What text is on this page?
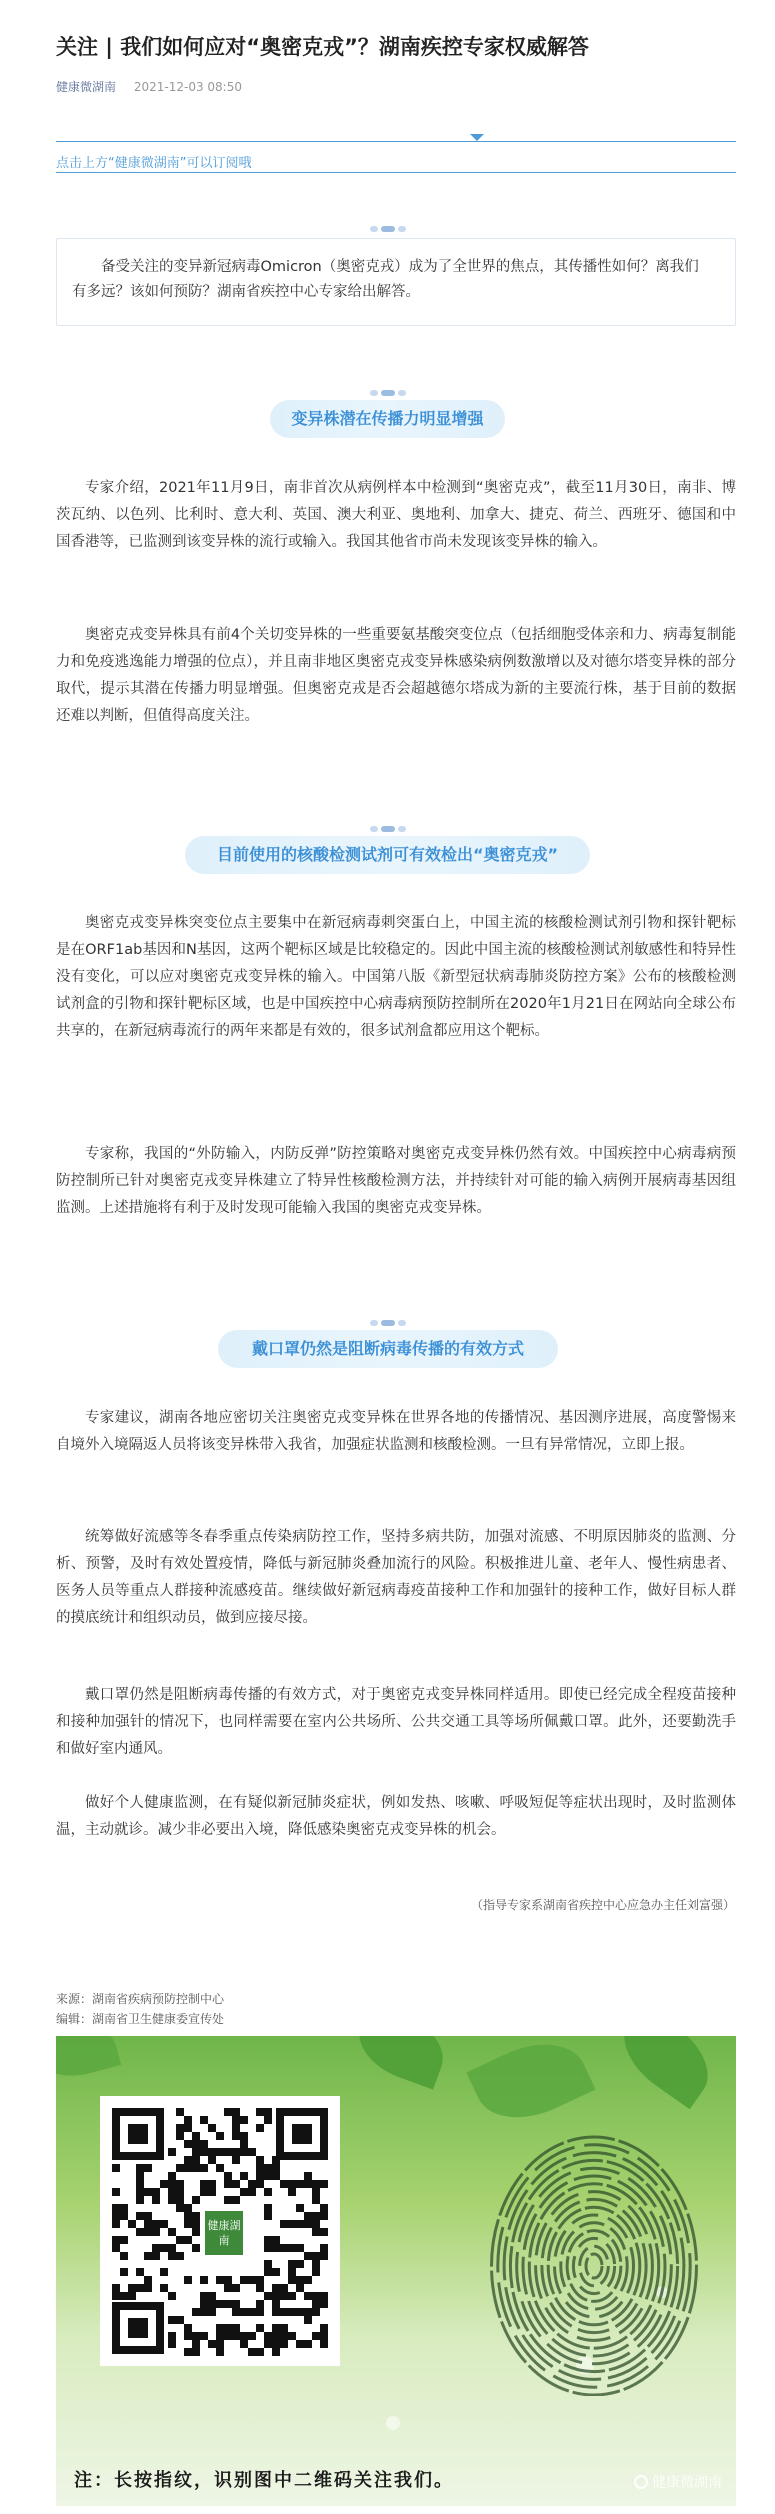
关注 | 我们如何应对“奥密克戎”？湖南疾控专家权威解答
健康微湖南 2021-12-03 08:50
点击上方“健康微湖南”可以订阅哦
备受关注的变异新冠病毒Omicron（奥密克戎）成为了全世界的焦点，其传播性如何？离我们有多远？该如何预防？湖南省疾控中心专家给出解答。
变异株潜在传播力明显增强
专家介绍，2021年11月9日，南非首次从病例样本中检测到“奥密克戎”，截至11月30日，南非、博茨瓦纳、以色列、比利时、意大利、英国、澳大利亚、奥地利、加拿大、捷克、荷兰、西班牙、德国和中国香港等，已监测到该变异株的流行或输入。我国其他省市尚未发现该变异株的输入。
奥密克戎变异株具有前4个关切变异株的一些重要氨基酸突变位点（包括细胞受体亲和力、病毒复制能力和免疫逃逸能力增强的位点），并且南非地区奥密克戎变异株感染病例数激增以及对德尔塔变异株的部分取代，提示其潜在传播力明显增强。但奥密克戎是否会超越德尔塔成为新的主要流行株，基于目前的数据还难以判断，但值得高度关注。
目前使用的核酸检测试剂可有效检出“奥密克戎”
奥密克戎变异株突变位点主要集中在新冠病毒刺突蛋白上，中国主流的核酸检测试剂引物和探针靶标是在ORF1ab基因和N基因，这两个靶标区域是比较稳定的。因此中国主流的核酸检测试剂敏感性和特异性没有变化，可以应对奥密克戎变异株的输入。中国第八版《新型冠状病毒肺炎防控方案》公布的核酸检测试剂盒的引物和探针靶标区域，也是中国疾控中心病毒病预防控制所在2020年1月21日在网站向全球公布共享的，在新冠病毒流行的两年来都是有效的，很多试剂盒都应用这个靶标。
专家称，我国的“外防输入，内防反弹”防控策略对奥密克戎变异株仍然有效。中国疾控中心病毒病预防控制所已针对奥密克戎变异株建立了特异性核酸检测方法，并持续针对可能的输入病例开展病毒基因组监测。上述措施将有利于及时发现可能输入我国的奥密克戎变异株。
戴口罩仍然是阻断病毒传播的有效方式
专家建议，湖南各地应密切关注奥密克戎变异株在世界各地的传播情况、基因测序进展，高度警惕来自境外入境隔返人员将该变异株带入我省，加强症状监测和核酸检测。一旦有异常情况，立即上报。
统筹做好流感等冬春季重点传染病防控工作，坚持多病共防，加强对流感、不明原因肺炎的监测、分析、预警，及时有效处置疫情，降低与新冠肺炎叠加流行的风险。积极推进儿童、老年人、慢性病患者、医务人员等重点人群接种流感疫苗。继续做好新冠病毒疫苗接种工作和加强针的接种工作，做好目标人群的摸底统计和组织动员，做到应接尽接。
戴口罩仍然是阻断病毒传播的有效方式，对于奥密克戎变异株同样适用。即使已经完成全程疫苗接种和接种加强针的情况下，也同样需要在室内公共场所、公共交通工具等场所佩戴口罩。此外，还要勤洗手和做好室内通风。
做好个人健康监测，在有疑似新冠肺炎症状，例如发热、咳嗽、呼吸短促等症状出现时，及时监测体温，主动就诊。减少非必要出入境，降低感染奥密克戎变异株的机会。
（指导专家系湖南省疾控中心应急办主任刘富强）
来源：湖南省疾病预防控制中心
编辑：湖南省卫生健康委宣传处
健康湖南
注：长按指纹，识别图中二维码关注我们。	健康微湖南
